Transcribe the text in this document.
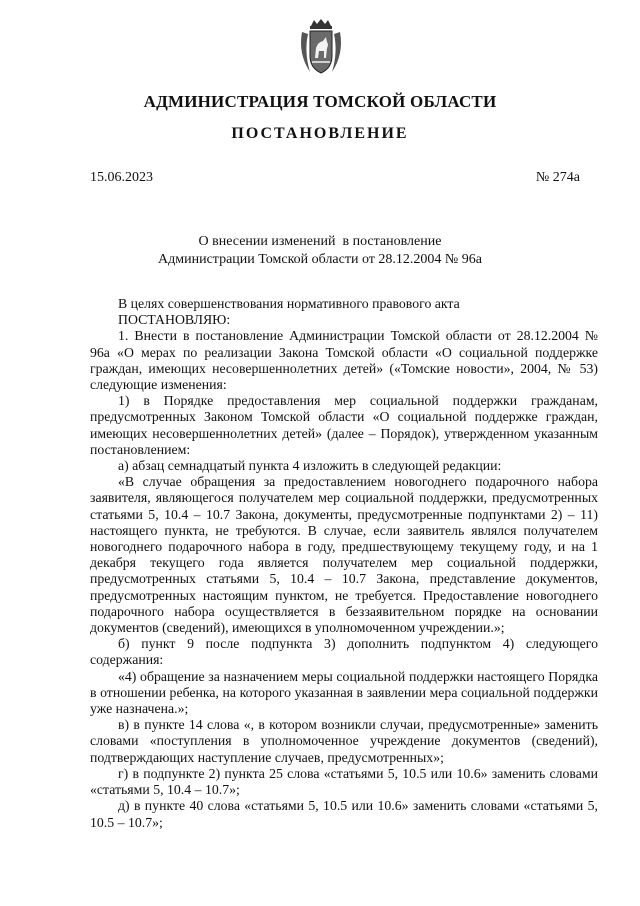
АДМИНИСТРАЦИЯ ТОМСКОЙ ОБЛАСТИ
ПОСТАНОВЛЕНИЕ
15.06.2023	№ 274а
О внесении изменений  в постановление
Администрации Томской области от 28.12.2004 № 96а

В целях совершенствования нормативного правового акта

ПОСТАНОВЛЯЮ:

1. Внести в постановление Администрации Томской области от 28.12.2004 № 96а «О мерах по реализации Закона Томской области «О социальной поддержке граждан, имеющих несовершеннолетних детей» («Томские новости», 2004, № 53) следующие изменения:

1) в Порядке предоставления мер социальной поддержки гражданам, предусмотренных Законом Томской области «О социальной поддержке граждан, имеющих несовершеннолетних детей» (далее – Порядок), утвержденном указанным постановлением:

а) абзац семнадцатый пункта 4 изложить в следующей редакции:

«В случае обращения за предоставлением новогоднего подарочного набора заявителя, являющегося получателем мер социальной поддержки, предусмотренных статьями 5, 10.4 – 10.7 Закона, документы, предусмотренные подпунктами 2) – 11) настоящего пункта, не требуются. В случае, если заявитель являлся получателем новогоднего подарочного набора в году, предшествующему текущему году, и на 1 декабря текущего года является получателем мер социальной поддержки, предусмотренных статьями 5, 10.4 – 10.7 Закона, представление документов, предусмотренных настоящим пунктом, не требуется. Предоставление новогоднего подарочного набора осуществляется в беззаявительном порядке на основании документов (сведений), имеющихся в уполномоченном учреждении.»;

б) пункт 9 после подпункта 3) дополнить подпунктом 4) следующего содержания:

«4) обращение за назначением меры социальной поддержки настоящего Порядка в отношении ребенка, на которого указанная в заявлении мера социальной поддержки уже назначена.»;

в) в пункте 14 слова «, в котором возникли случаи, предусмотренные» заменить словами «поступления в уполномоченное учреждение документов (сведений), подтверждающих наступление случаев, предусмотренных»;

г) в подпункте 2) пункта 25 слова «статьями 5, 10.5 или 10.6» заменить словами «статьями 5, 10.4 – 10.7»;

д) в пункте 40 слова «статьями 5, 10.5 или 10.6» заменить словами «статьями 5, 10.5 – 10.7»;
